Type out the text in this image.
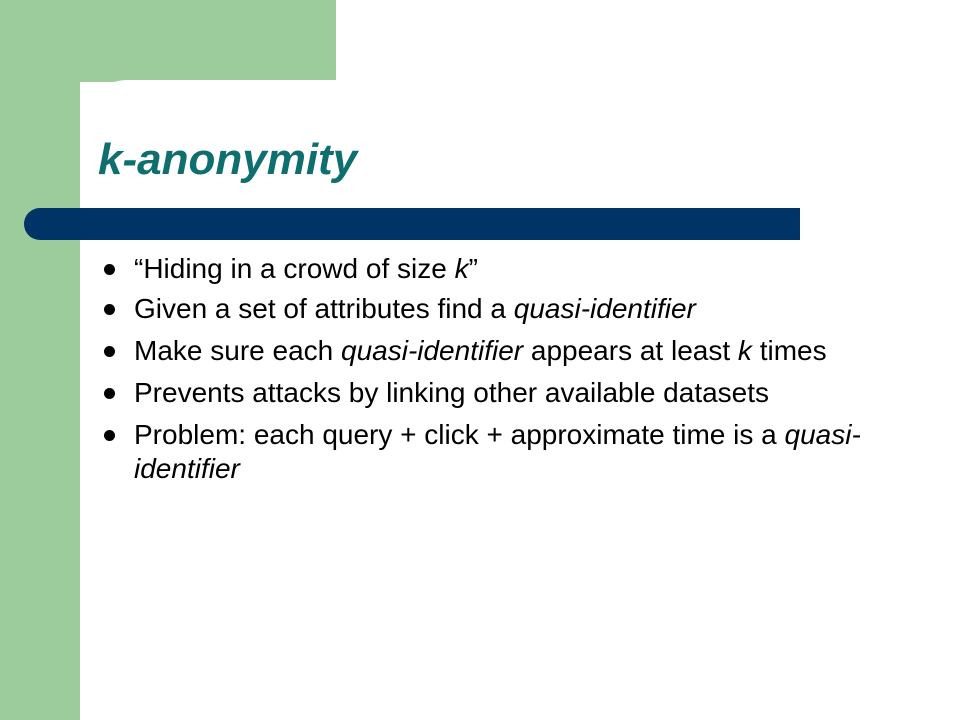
k-anonymity
“Hiding in a crowd of size k”
Given a set of attributes find a quasi-identifier
Make sure each quasi-identifier appears at least k times
Prevents attacks by linking other available datasets
Problem: each query + click + approximate time is a quasi-identifier
